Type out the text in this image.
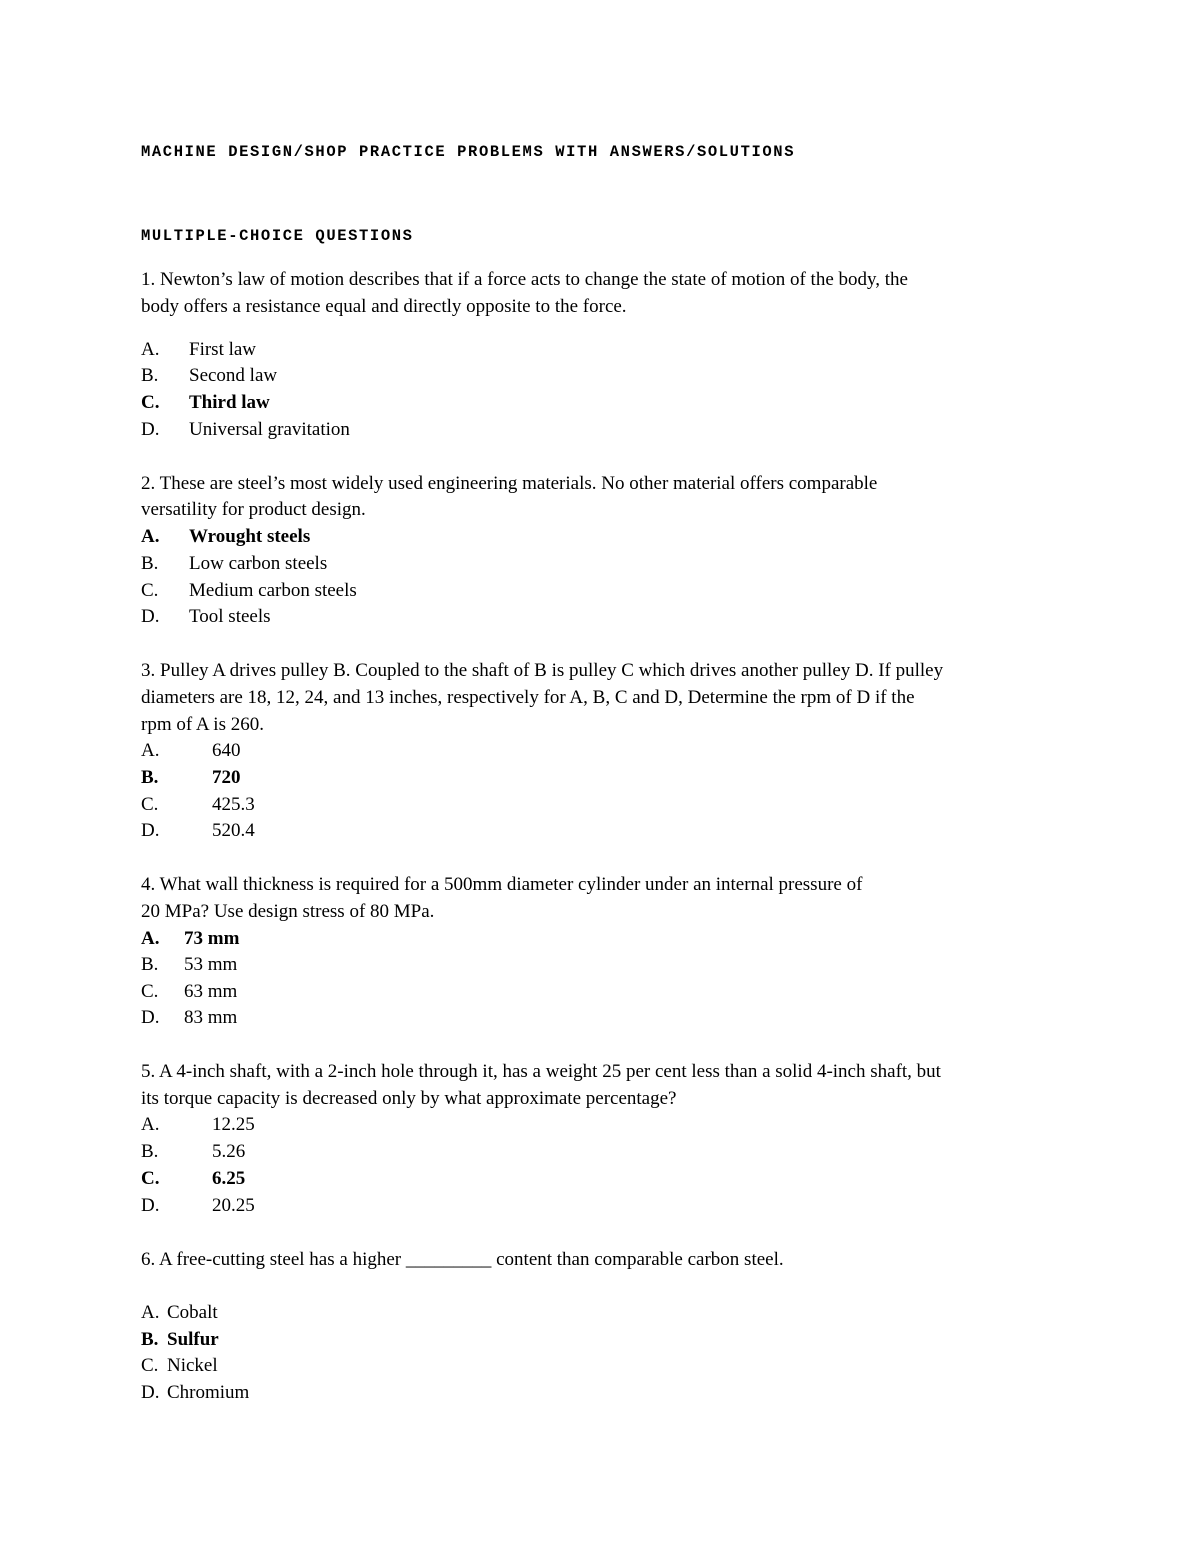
MACHINE DESIGN/SHOP PRACTICE PROBLEMS WITH ANSWERS/SOLUTIONS
MULTIPLE-CHOICE QUESTIONS
1. Newton’s law of motion describes that if a force acts to change the state of motion of the body, the
body offers a resistance equal and directly opposite to the force.
A. First law
B. Second law
C. Third law
D. Universal gravitation
2. These are steel’s most widely used engineering materials. No other material offers comparable
versatility for product design.
A. Wrought steels
B. Low carbon steels
C. Medium carbon steels
D. Tool steels
3. Pulley A drives pulley B. Coupled to the shaft of B is pulley C which drives another pulley D. If pulley
diameters are 18, 12, 24, and 13 inches, respectively for A, B, C and D, Determine the rpm of D if the
rpm of A is 260.
A.	640
B.	720
C.	425.3
D.	520.4
4. What wall thickness is required for a 500mm diameter cylinder under an internal pressure of
20 MPa? Use design stress of 80 MPa.
A. 73 mm
B. 53 mm
C. 63 mm
D. 83 mm
5. A 4-inch shaft, with a 2-inch hole through it, has a weight 25 per cent less than a solid 4-inch shaft, but
its torque capacity is decreased only by what approximate percentage?
A.	12.25
B.	5.26
C.	6.25
D.	20.25
6. A free-cutting steel has a higher _________ content than comparable carbon steel.
A. Cobalt
B. Sulfur
C. Nickel
D. Chromium
